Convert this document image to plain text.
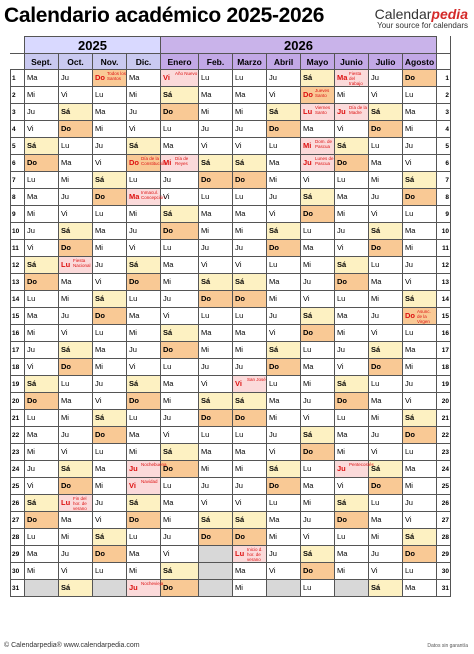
Calendario académico 2025-2026	Calendarpedia
Your source for calendars
	2025				2026								
	Sept.	Oct.	Nov.	Dic.	Enero	Feb.	Marzo	Abril	Mayo	Junio	Julio	Agosto	
1	Ma	Ju	Do Todos los Santos	Ma	Vi Año Nuevo	Lu	Lu	Ju	Sá	Ma Fiesta del trabajo	Ju	Do	1
2	Mi	Vi	Lu	Mi	Sá	Ma	Ma	Vi	Do Jueves Santo	Mi	Vi	Lu	2
3	Ju	Sá	Ma	Ju	Do	Mi	Mi	Sá	Lu Viernes Santo	Ju Día de la Madre	Sá	Ma	3
4	Vi	Do	Mi	Vi	Lu	Ju	Ju	Do	Ma	Vi	Do	Mi	4
5	Sá	Lu	Ju	Sá	Ma	Vi	Vi	Lu	Mi Dom. de Pascua	Sá	Lu	Ju	5
6	Do	Ma	Vi	Do Día de la Constitución	Mi Día de Reyes	Sá	Sá	Ma	Ju Lunes de Pascua	Do	Ma	Vi	6
7	Lu	Mi	Sá	Lu	Ju	Do	Do	Mi	Vi	Lu	Mi	Sá	7
8	Ma	Ju	Do	Ma Inmacul. Concepción	Vi	Lu	Lu	Ju	Sá	Ma	Ju	Do	8
9	Mi	Vi	Lu	Mi	Sá	Ma	Ma	Vi	Do	Mi	Vi	Lu	9
10	Ju	Sá	Ma	Ju	Do	Mi	Mi	Sá	Lu	Ju	Sá	Ma	10
11	Vi	Do	Mi	Vi	Lu	Ju	Ju	Do	Ma	Vi	Do	Mi	11
12	Sá	Lu Fiesta Nacional	Ju	Sá	Ma	Vi	Vi	Lu	Mi	Sá	Lu	Ju	12
13	Do	Ma	Vi	Do	Mi	Sá	Sá	Ma	Ju	Do	Ma	Vi	13
14	Lu	Mi	Sá	Lu	Ju	Do	Do	Mi	Vi	Lu	Mi	Sá	14
15	Ma	Ju	Do	Ma	Vi	Lu	Lu	Ju	Sá	Ma	Ju	Do Asunc. de la Virgen	15
16	Mi	Vi	Lu	Mi	Sá	Ma	Ma	Vi	Do	Mi	Vi	Lu	16
17	Ju	Sá	Ma	Ju	Do	Mi	Mi	Sá	Lu	Ju	Sá	Ma	17
18	Vi	Do	Mi	Vi	Lu	Ju	Ju	Do	Ma	Vi	Do	Mi	18
19	Sá	Lu	Ju	Sá	Ma	Vi	Vi San José	Lu	Mi	Sá	Lu	Ju	19
20	Do	Ma	Vi	Do	Mi	Sá	Sá	Ma	Ju	Do	Ma	Vi	20
21	Lu	Mi	Sá	Lu	Ju	Do	Do	Mi	Vi	Lu	Mi	Sá	21
22	Ma	Ju	Do	Ma	Vi	Lu	Lu	Ju	Sá	Ma	Ju	Do	22
23	Mi	Vi	Lu	Mi	Sá	Ma	Ma	Vi	Do	Mi	Vi	Lu	23
24	Ju	Sá	Ma	Ju Nochebuena	Do	Mi	Mi	Sá	Lu	Ju Pentecostés	Sá	Ma	24
25	Vi	Do	Mi	Vi Navidad	Lu	Ju	Ju	Do	Ma	Vi	Do	Mi	25
26	Sá	Lu Fin del hor. de verano	Ju	Sá	Ma	Vi	Vi	Lu	Mi	Sá	Lu	Ju	26
27	Do	Ma	Vi	Do	Mi	Sá	Sá	Ma	Ju	Do	Ma	Vi	27
28	Lu	Mi	Sá	Lu	Ju	Do	Do	Mi	Vi	Lu	Mi	Sá	28
29	Ma	Ju	Do	Ma	Vi		Lu Inicio d. hor. de verano	Ju	Sá	Ma	Ju	Do	29
30	Mi	Vi	Lu	Mi	Sá		Ma	Vi	Do	Mi	Vi	Lu	30
31		Sá		Ju Nochevieja	Do		Mi		Lu		Sá	Ma	31
© Calendarpedia® www.calendarpedia.com	Datos sin garantía
